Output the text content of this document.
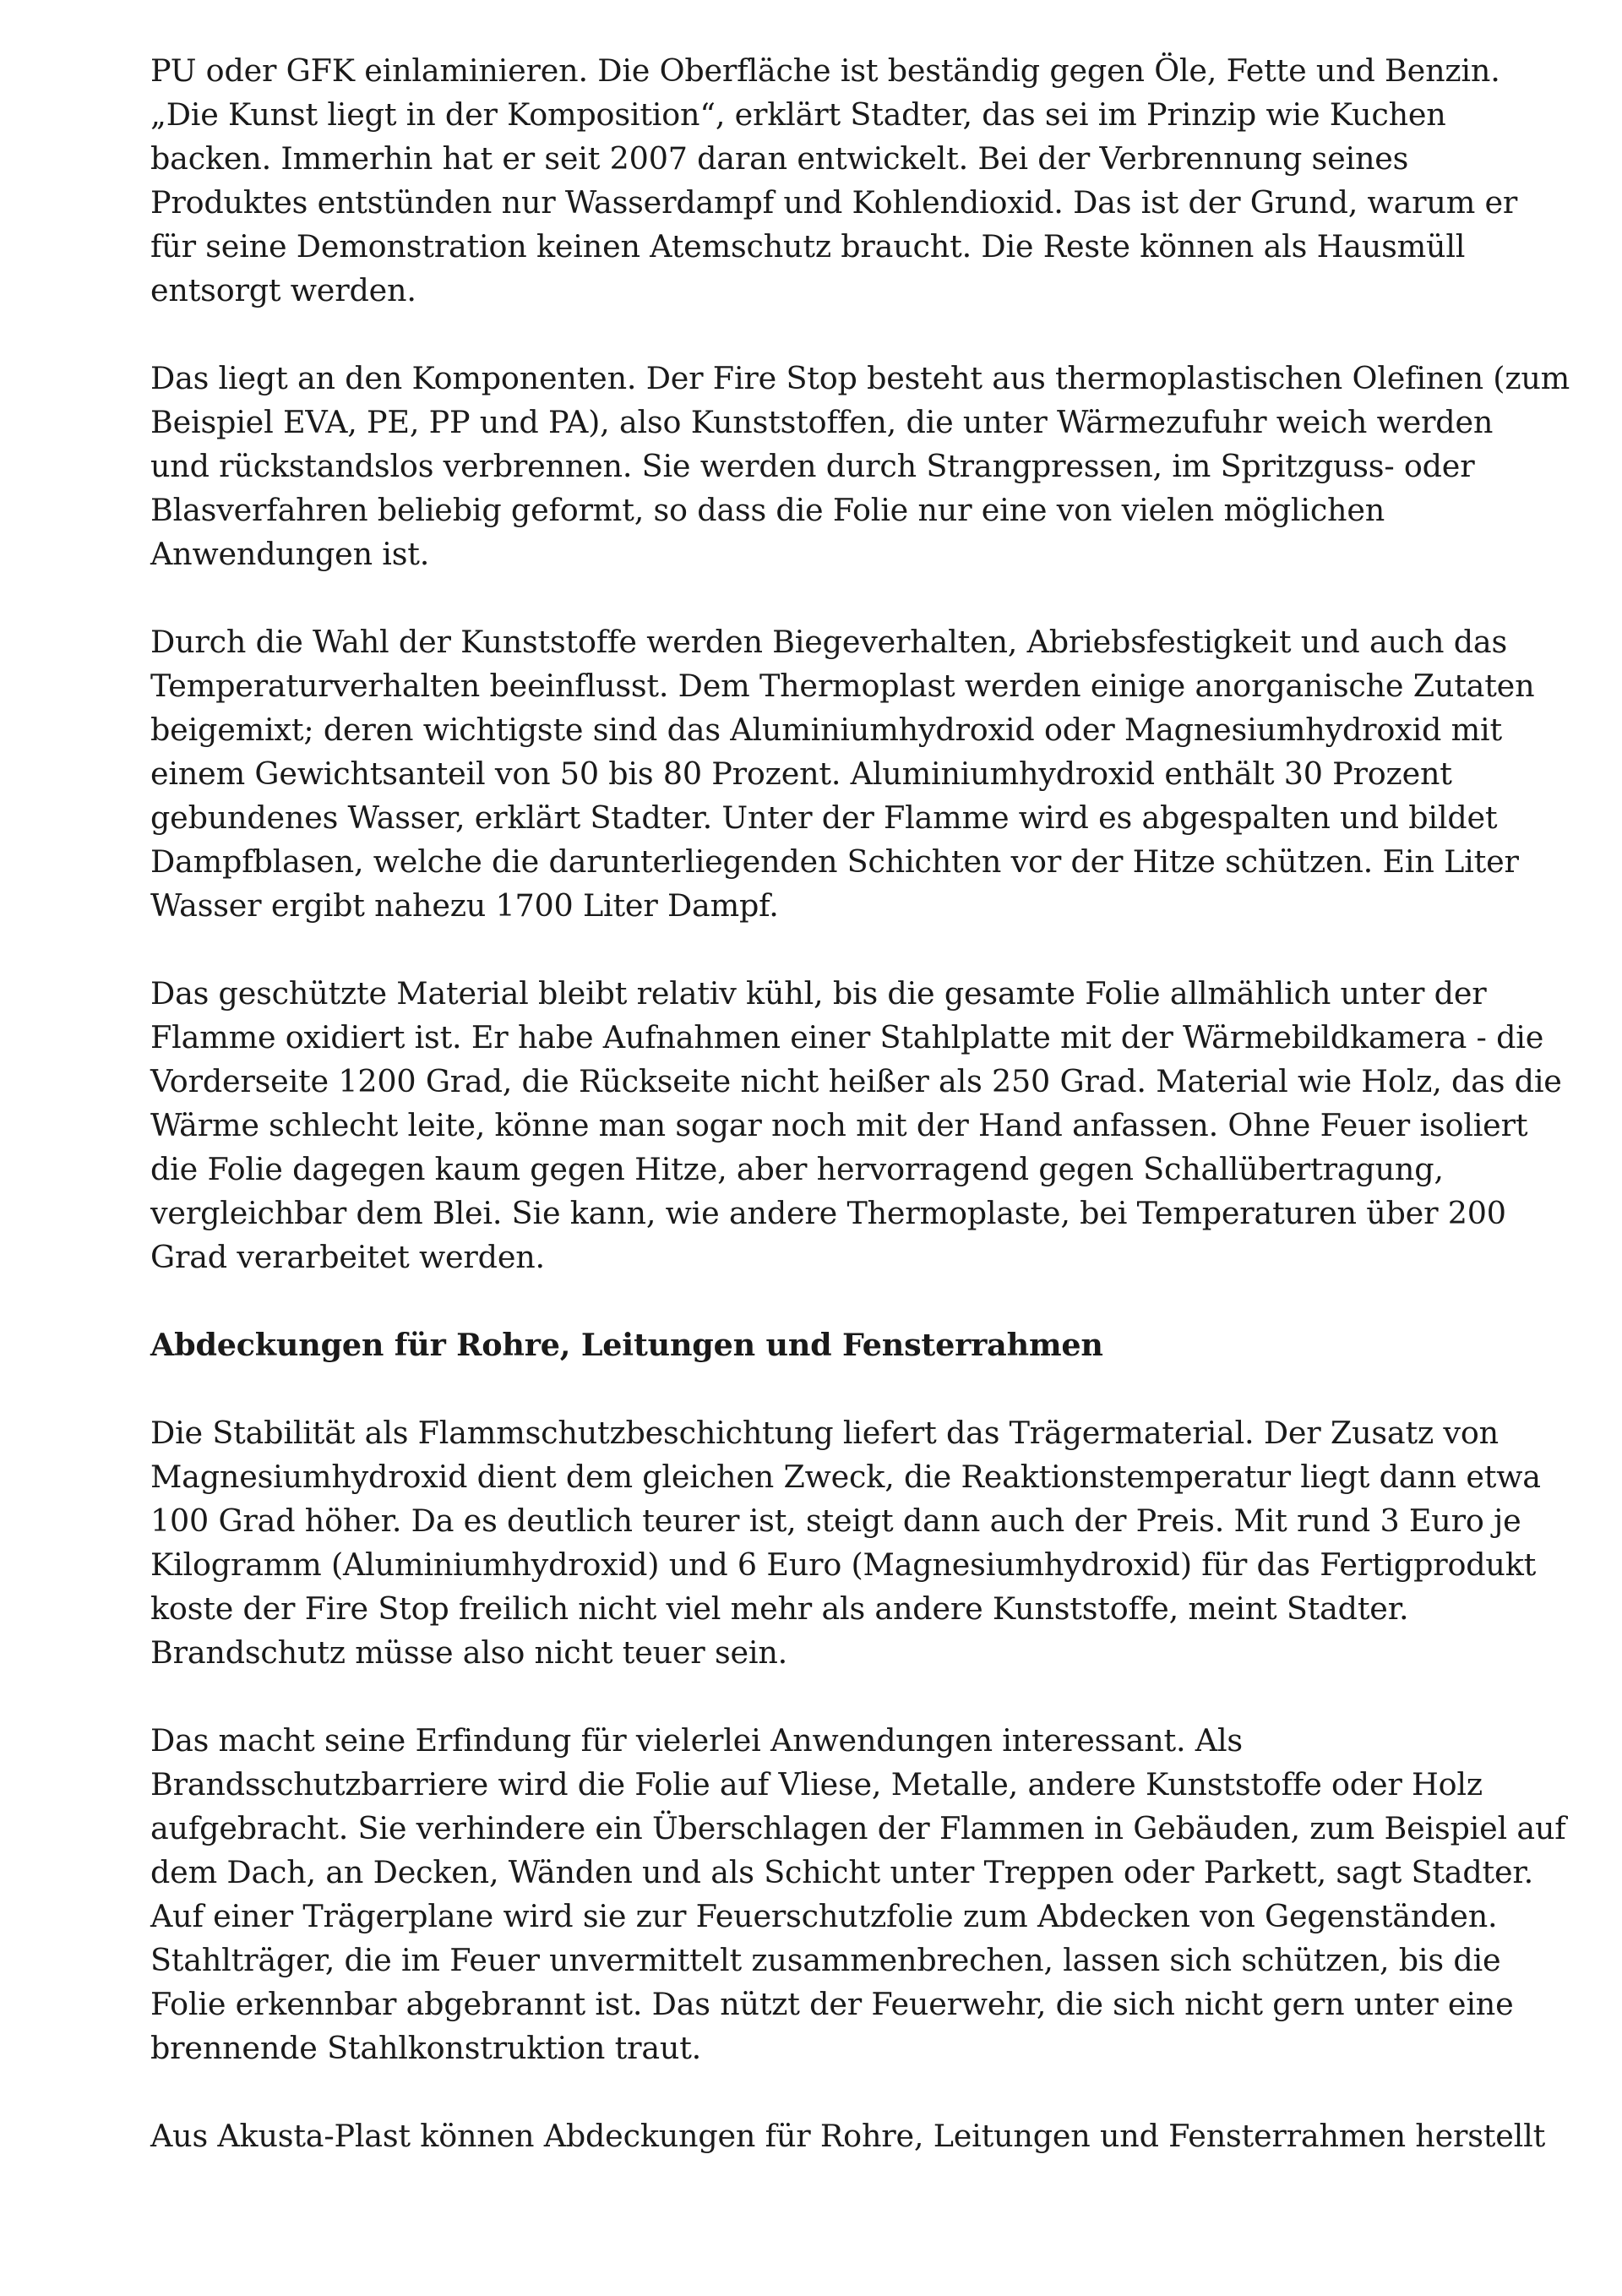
PU oder GFK einlaminieren. Die Oberfläche ist beständig gegen Öle, Fette und Benzin.
„Die Kunst liegt in der Komposition“, erklärt Stadter, das sei im Prinzip wie Kuchen
backen. Immerhin hat er seit 2007 daran entwickelt. Bei der Verbrennung seines
Produktes entstünden nur Wasserdampf und Kohlendioxid. Das ist der Grund, warum er
für seine Demonstration keinen Atemschutz braucht. Die Reste können als Hausmüll
entsorgt werden.
Das liegt an den Komponenten. Der Fire Stop besteht aus thermoplastischen Olefinen (zum
Beispiel EVA, PE, PP und PA), also Kunststoffen, die unter Wärmezufuhr weich werden
und rückstandslos verbrennen. Sie werden durch Strangpressen, im Spritzguss- oder
Blasverfahren beliebig geformt, so dass die Folie nur eine von vielen möglichen
Anwendungen ist.
Durch die Wahl der Kunststoffe werden Biegeverhalten, Abriebsfestigkeit und auch das
Temperaturverhalten beeinflusst. Dem Thermoplast werden einige anorganische Zutaten
beigemixt; deren wichtigste sind das Aluminiumhydroxid oder Magnesiumhydroxid mit
einem Gewichtsanteil von 50 bis 80 Prozent. Aluminiumhydroxid enthält 30 Prozent
gebundenes Wasser, erklärt Stadter. Unter der Flamme wird es abgespalten und bildet
Dampfblasen, welche die darunterliegenden Schichten vor der Hitze schützen. Ein Liter
Wasser ergibt nahezu 1700 Liter Dampf.
Das geschützte Material bleibt relativ kühl, bis die gesamte Folie allmählich unter der
Flamme oxidiert ist. Er habe Aufnahmen einer Stahlplatte mit der Wärmebildkamera - die
Vorderseite 1200 Grad, die Rückseite nicht heißer als 250 Grad. Material wie Holz, das die
Wärme schlecht leite, könne man sogar noch mit der Hand anfassen. Ohne Feuer isoliert
die Folie dagegen kaum gegen Hitze, aber hervorragend gegen Schallübertragung,
vergleichbar dem Blei. Sie kann, wie andere Thermoplaste, bei Temperaturen über 200
Grad verarbeitet werden.
Abdeckungen für Rohre, Leitungen und Fensterrahmen
Die Stabilität als Flammschutzbeschichtung liefert das Trägermaterial. Der Zusatz von
Magnesiumhydroxid dient dem gleichen Zweck, die Reaktionstemperatur liegt dann etwa
100 Grad höher. Da es deutlich teurer ist, steigt dann auch der Preis. Mit rund 3 Euro je
Kilogramm (Aluminiumhydroxid) und 6 Euro (Magnesiumhydroxid) für das Fertigprodukt
koste der Fire Stop freilich nicht viel mehr als andere Kunststoffe, meint Stadter.
Brandschutz müsse also nicht teuer sein.
Das macht seine Erfindung für vielerlei Anwendungen interessant. Als
Brandsschutzbarriere wird die Folie auf Vliese, Metalle, andere Kunststoffe oder Holz
aufgebracht. Sie verhindere ein Überschlagen der Flammen in Gebäuden, zum Beispiel auf
dem Dach, an Decken, Wänden und als Schicht unter Treppen oder Parkett, sagt Stadter.
Auf einer Trägerplane wird sie zur Feuerschutzfolie zum Abdecken von Gegenständen.
Stahlträger, die im Feuer unvermittelt zusammenbrechen, lassen sich schützen, bis die
Folie erkennbar abgebrannt ist. Das nützt der Feuerwehr, die sich nicht gern unter eine
brennende Stahlkonstruktion traut.
Aus Akusta-Plast können Abdeckungen für Rohre, Leitungen und Fensterrahmen herstellt
